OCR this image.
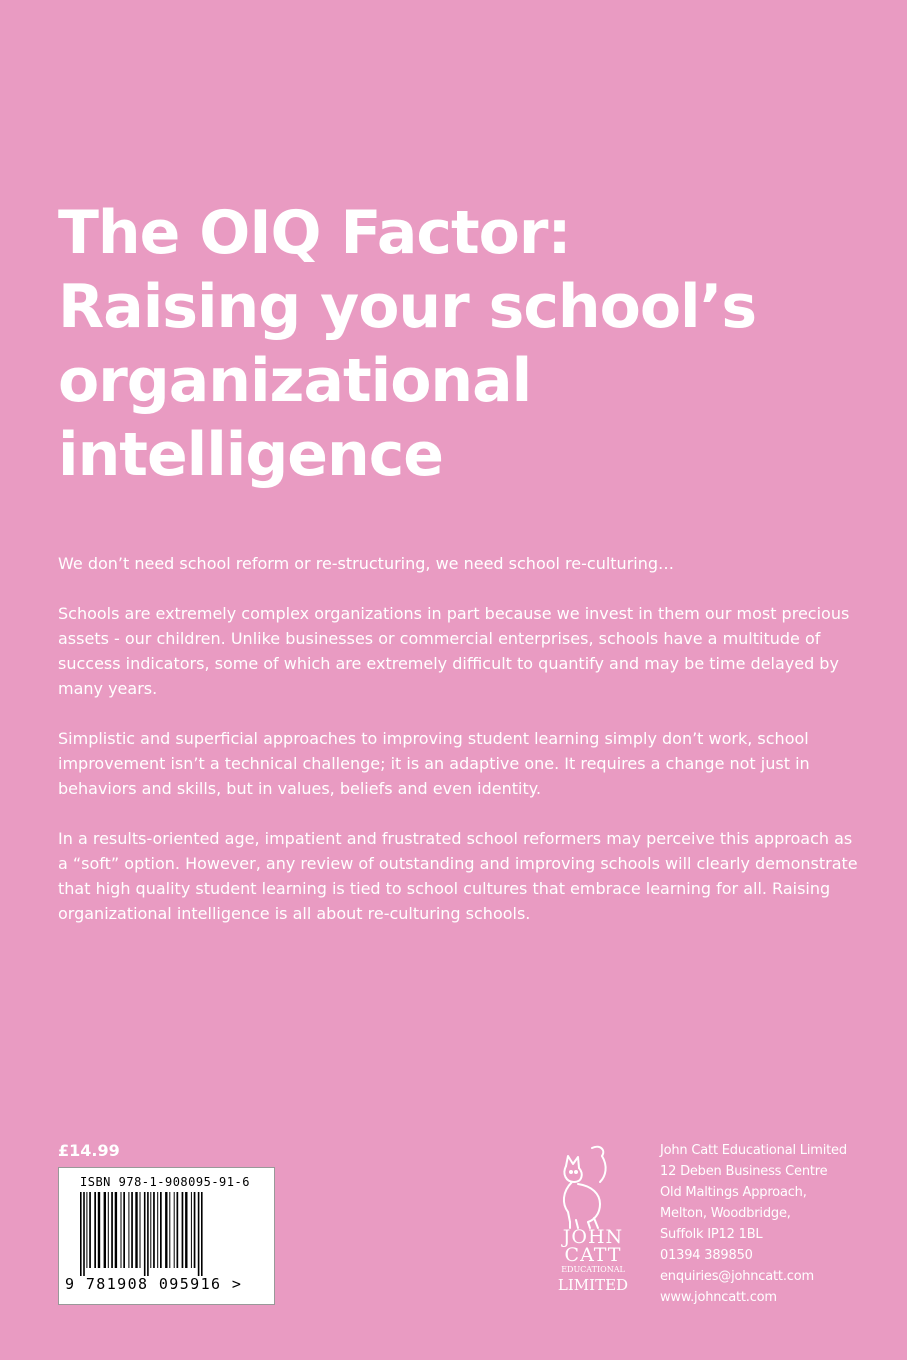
The OIQ Factor:
Raising your school’s
organizational
intelligence

We don’t need school reform or re-structuring, we need school re-culturing…

Schools are extremely complex organizations in part because we invest in them our most precious assets - our children. Unlike businesses or commercial enterprises, schools have a multitude of success indicators, some of which are extremely difficult to quantify and may be time delayed by many years.

Simplistic and superficial approaches to improving student learning simply don’t work, school improvement isn’t a technical challenge; it is an adaptive one. It requires a change not just in behaviors and skills, but in values, beliefs and even identity.

In a results-oriented age, impatient and frustrated school reformers may perceive this approach as a “soft” option. However, any review of outstanding and improving schools will clearly demonstrate that high quality student learning is tied to school cultures that embrace learning for all. Raising organizational intelligence is all about re-culturing schools.

£14.99
ISBN 978-1-908095-91-6
9 781908 095916 >
JOHN
CATT
EDUCATIONAL
LIMITED
John Catt Educational Limited
12 Deben Business Centre
Old Maltings Approach,
Melton, Woodbridge,
Suffolk IP12 1BL
01394 389850
enquiries@johncatt.com
www.johncatt.com
